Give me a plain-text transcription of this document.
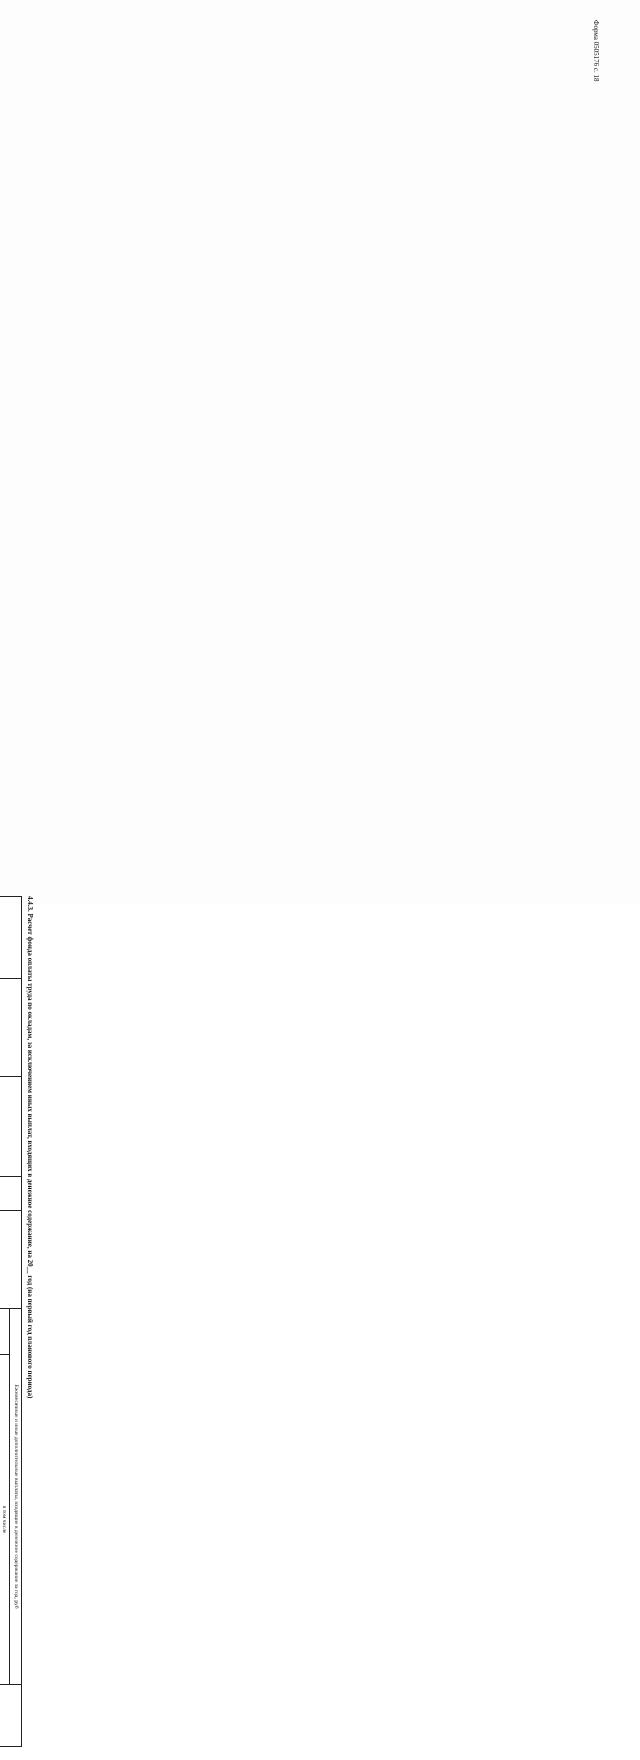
Форма 0505176 с. 18
4.4.3. Расчет фонда оплаты труда по окладам, за исключением иных выплат, входящих в денежное содержание, на 20__ год (на первый год планового периода)
					Ежемесячные и иные дополнительные выплаты, входящие в денежное содержание за год, руб	

	в том числе						
